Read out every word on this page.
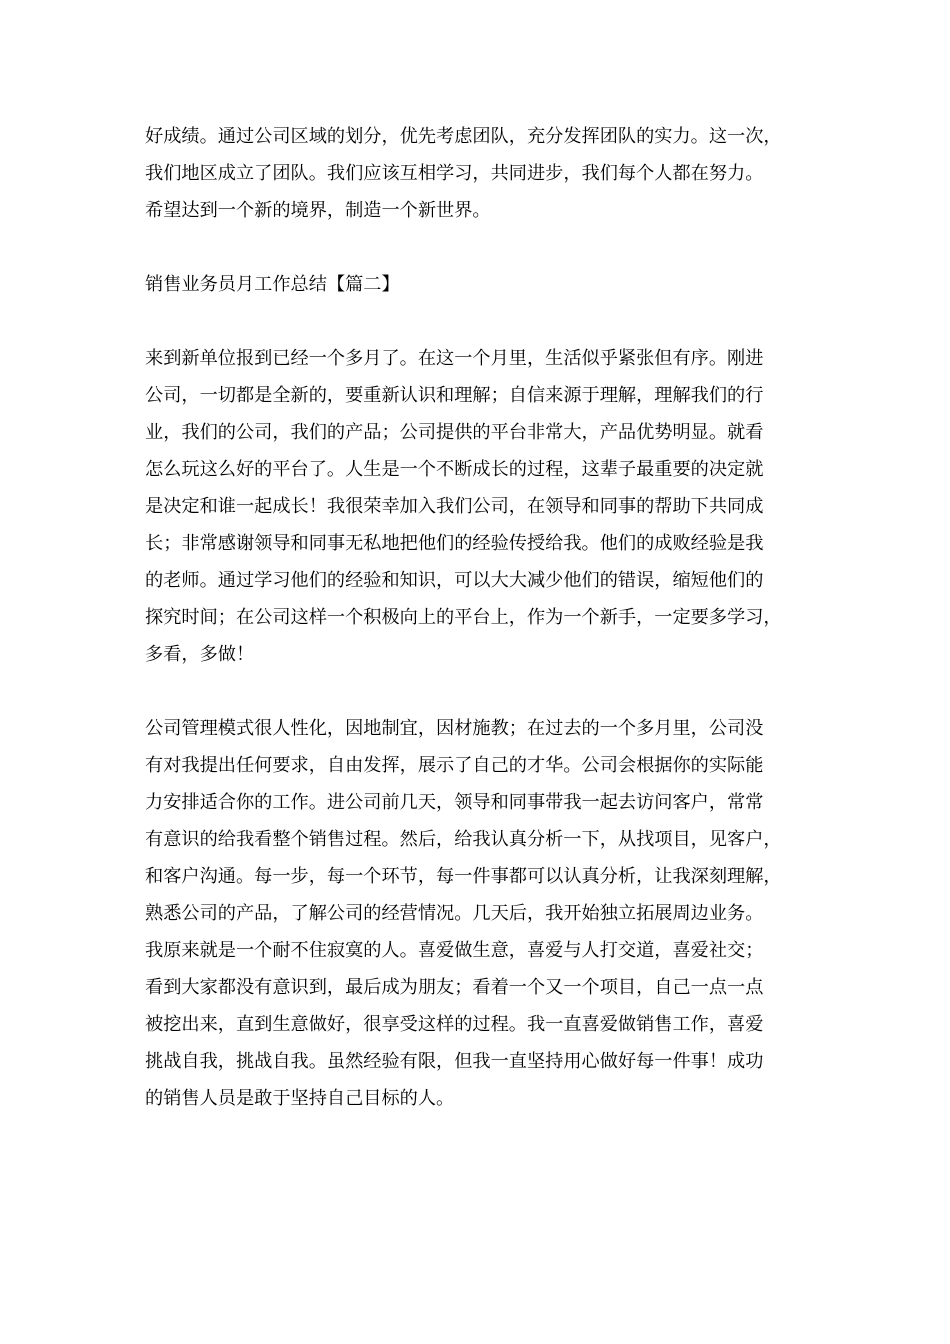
好成绩。通过公司区域的划分，优先考虑团队，充分发挥团队的实力。这一次，
我们地区成立了团队。我们应该互相学习，共同进步，我们每个人都在努力。
希望达到一个新的境界，制造一个新世界。
销售业务员月工作总结【篇二】
来到新单位报到已经一个多月了。在这一个月里，生活似乎紧张但有序。刚进
公司，一切都是全新的，要重新认识和理解；自信来源于理解，理解我们的行
业，我们的公司，我们的产品；公司提供的平台非常大，产品优势明显。就看
怎么玩这么好的平台了。人生是一个不断成长的过程，这辈子最重要的决定就
是决定和谁一起成长！我很荣幸加入我们公司，在领导和同事的帮助下共同成
长；非常感谢领导和同事无私地把他们的经验传授给我。他们的成败经验是我
的老师。通过学习他们的经验和知识，可以大大减少他们的错误，缩短他们的
探究时间；在公司这样一个积极向上的平台上，作为一个新手，一定要多学习，
多看，多做！
公司管理模式很人性化，因地制宜，因材施教；在过去的一个多月里，公司没
有对我提出任何要求，自由发挥，展示了自己的才华。公司会根据你的实际能
力安排适合你的工作。进公司前几天，领导和同事带我一起去访问客户，常常
有意识的给我看整个销售过程。然后，给我认真分析一下，从找项目，见客户，
和客户沟通。每一步，每一个环节，每一件事都可以认真分析，让我深刻理解，
熟悉公司的产品，了解公司的经营情况。几天后，我开始独立拓展周边业务。
我原来就是一个耐不住寂寞的人。喜爱做生意，喜爱与人打交道，喜爱社交；
看到大家都没有意识到，最后成为朋友；看着一个又一个项目，自己一点一点
被挖出来，直到生意做好，很享受这样的过程。我一直喜爱做销售工作，喜爱
挑战自我，挑战自我。虽然经验有限，但我一直坚持用心做好每一件事！成功
的销售人员是敢于坚持自己目标的人。
